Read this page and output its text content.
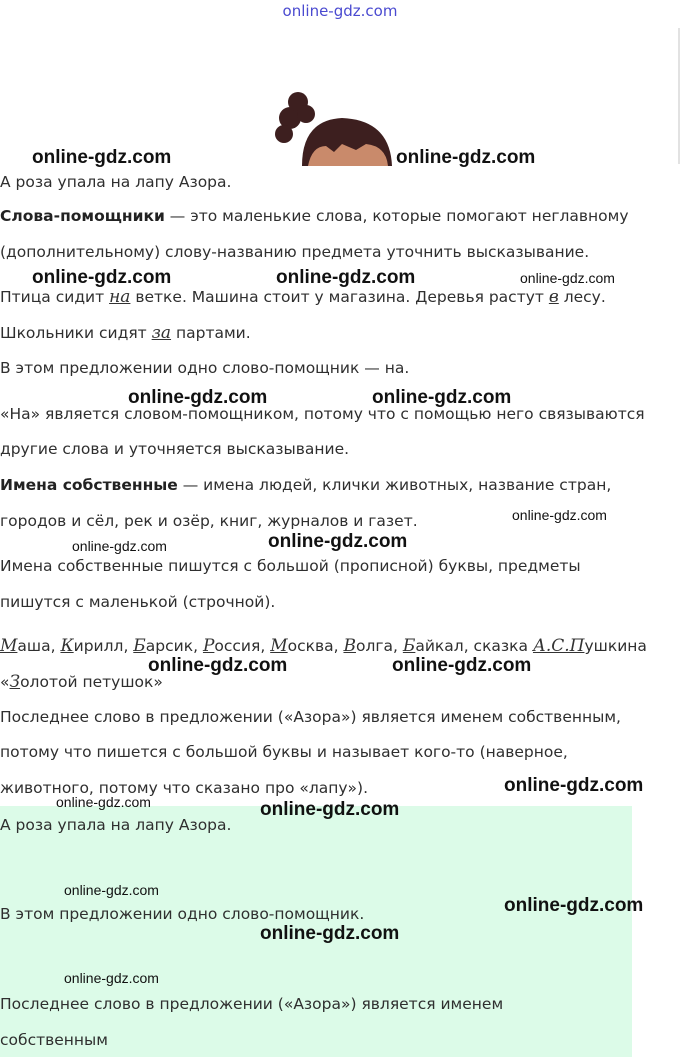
online-gdz.com
А роза упала на лапу Азора.
Слова-помощники — это маленькие слова, которые помогают неглавному
(дополнительному) слову-названию предмета уточнить высказывание.
Птица сидит на ветке. Машина стоит у магазина. Деревья растут в лесу.
Школьники сидят за партами.
В этом предложении одно слово-помощник — на.
«На» является словом-помощником, потому что с помощью него связываются
другие слова и уточняется высказывание.
Имена собственные — имена людей, клички животных, название стран,
городов и сёл, рек и озёр, книг, журналов и газет.
Имена собственные пишутся с большой (прописной) буквы, предметы
пишутся с маленькой (строчной).
Маша, Кирилл, Барсик, Россия, Москва, Волга, Байкал, сказка А.С.Пушкина
«Золотой петушок»
Последнее слово в предложении («Азора») является именем собственным,
потому что пишется с большой буквы и называет кого-то (наверное,
животного, потому что сказано про «лапу»).
А роза упала на лапу Азора.
В этом предложении одно слово-помощник.
Последнее слово в предложении («Азора») является именем
собственным
online-gdz.com	online-gdz.com
online-gdz.com	online-gdz.com	online-gdz.com
online-gdz.com	online-gdz.com
online-gdz.com
online-gdz.com	online-gdz.com
online-gdz.com	online-gdz.com
online-gdz.com
online-gdz.com	online-gdz.com
online-gdz.com
online-gdz.com
online-gdz.com
online-gdz.com
